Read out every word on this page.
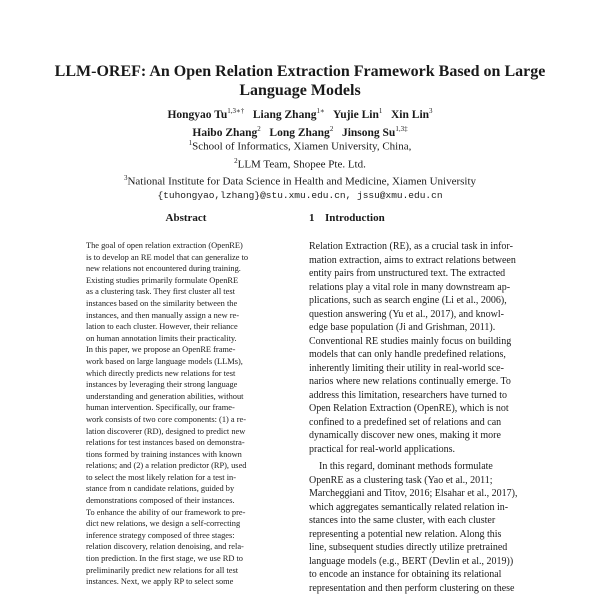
LLM-OREF: An Open Relation Extraction Framework Based on Large
Language Models
Hongyao $Tu^{1,3∗\dagger}$ Liang Zhang$^{1∗}$ Yujie Lin$^1$ Xin Lin$^3$
Haibo Zhang$^2$ Long Zhang$^2$ Jinsong $Su^{1,3\ddagger}$
$^1$School of Informatics, Xiamen University, China,
$^2$LLM Team, Shopee Pte. Ltd.
$^3$National Institute for Data Science in Health and Medicine, Xiamen University
{tuhongyao,lzhang}@stu.xmu.edu.cn, jssu@xmu.edu.cn
Abstract
The goal of open relation extraction (OpenRE)
is to develop an RE model that can generalize to
new relations not encountered during training.
Existing studies primarily formulate OpenRE
as a clustering task. They first cluster all test
instances based on the similarity between the
instances, and then manually assign a new re-
lation to each cluster. However, their reliance
on human annotation limits their practicality.
In this paper, we propose an OpenRE frame-
work based on large language models (LLMs),
which directly predicts new relations for test
instances by leveraging their strong language
understanding and generation abilities, without
human intervention. Specifically, our frame-
work consists of two core components: (1) a re-
lation discoverer (RD), designed to predict new
relations for test instances based on demonstra-
tions formed by training instances with known
relations; and (2) a relation predictor (RP), used
to select the most likely relation for a test in-
stance from n candidate relations, guided by
demonstrations composed of their instances.
To enhance the ability of our framework to pre-
dict new relations, we design a self-correcting
inference strategy composed of three stages:
relation discovery, relation denoising, and rela-
tion prediction. In the first stage, we use RD to
preliminarily predict new relations for all test
instances. Next, we apply RP to select some
1 Introduction
Relation Extraction (RE), as a crucial task in infor-
mation extraction, aims to extract relations between
entity pairs from unstructured text. The extracted
relations play a vital role in many downstream ap-
plications, such as search engine (Li et al., 2006),
question answering (Yu et al., 2017), and knowl-
edge base population (Ji and Grishman, 2011).
Conventional RE studies mainly focus on building
models that can only handle predefined relations,
inherently limiting their utility in real-world sce-
narios where new relations continually emerge. To
address this limitation, researchers have turned to
Open Relation Extraction (OpenRE), which is not
confined to a predefined set of relations and can
dynamically discover new ones, making it more
practical for real-world applications.
In this regard, dominant methods formulate
OpenRE as a clustering task (Yao et al., 2011;
Marcheggiani and Titov, 2016; Elsahar et al., 2017),
which aggregates semantically related relation in-
stances into the same cluster, with each cluster
representing a potential new relation. Along this
line, subsequent studies directly utilize pretrained
language models (e.g., BERT (Devlin et al., 2019))
to encode an instance for obtaining its relational
representation and then perform clustering on these
